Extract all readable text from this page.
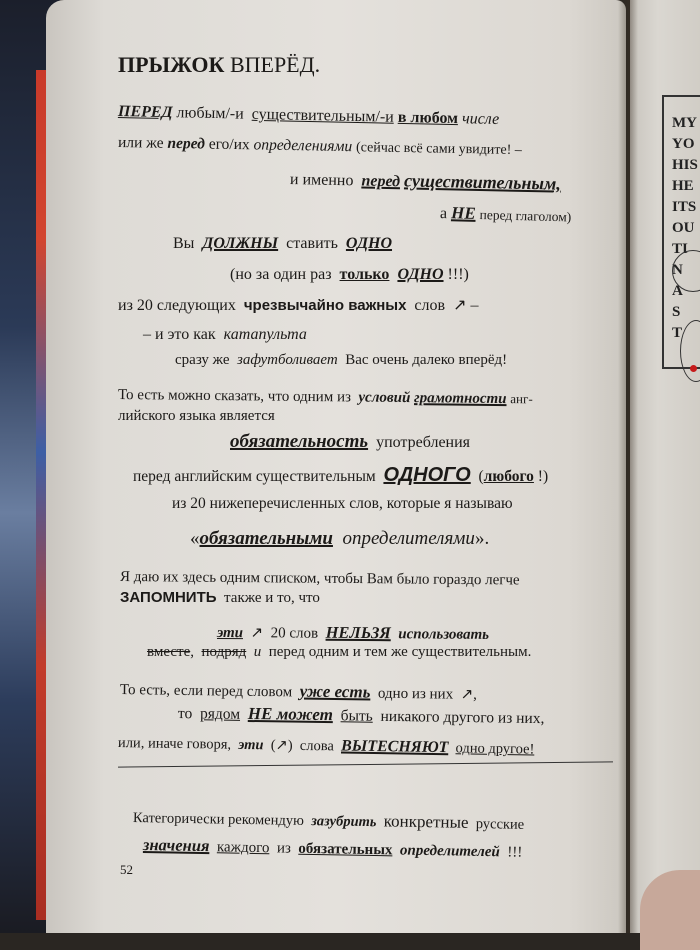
MY
YO
HIS
HE
ITS
OU
TI
N
A
S
T
ПРЫЖОК ВПЕРЁД.
ПЕРЕД любым/-и существительным/-и в любом числе
или же перед его/их определениями (сейчас всё сами увидите! –
и именно перед существительным,
а НЕ перед глаголом)
Вы ДОЛЖНЫ ставить ОДНО
(но за один раз только ОДНО !!!)
из 20 следующих чрезвычайно важных слов ↗ –
– и это как катапульта
сразу же зафутболивает Вас очень далеко вперёд!
То есть можно сказать, что одним из условий грамотности анг-
лийского языка является
обязательность употребления
перед английским существительным ОДНОГО (любого !)
из 20 нижеперечисленных слов, которые я называю
«обязательными определителями».
Я даю их здесь одним списком, чтобы Вам было гораздо легче
ЗАПОМНИТЬ также и то, что
эти ↗ 20 слов НЕЛЬЗЯ использовать
вместе, подряд и перед одним и тем же существительным.
То есть, если перед словом уже есть одно из них ↗,
то рядом НЕ может быть никакого другого из них,
или, иначе говоря, эти (↗) слова ВЫТЕСНЯЮТ одно другое!
Категорически рекомендую зазубрить конкретные русские
значения каждого из обязательных определителей !!!
52
